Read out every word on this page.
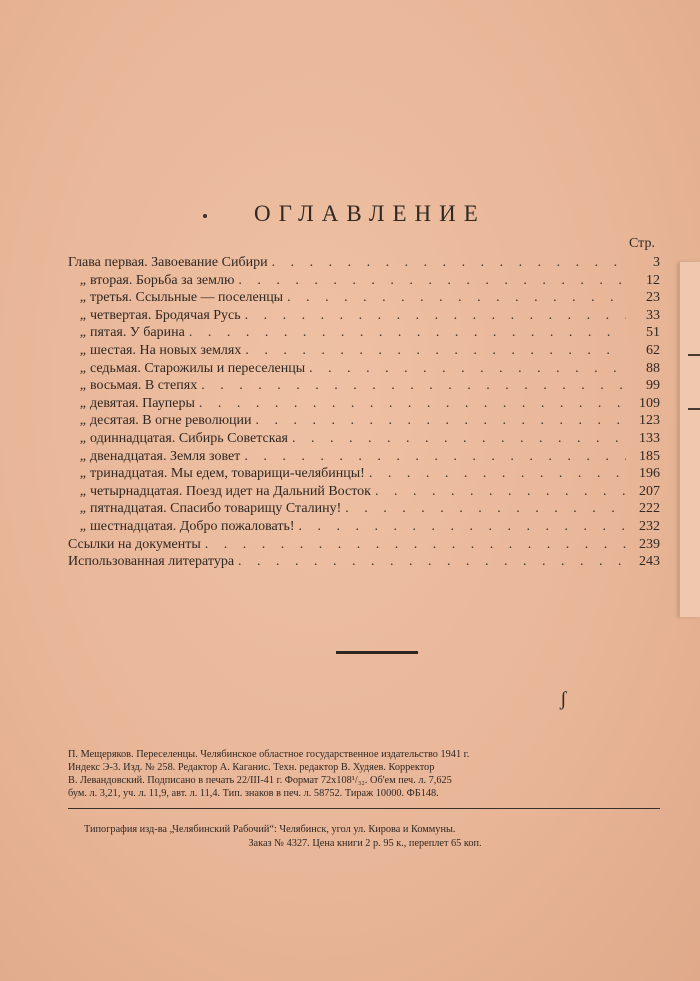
ОГЛАВЛЕНИЕ
Стр.
Глава первая. Завоевание Сибири . . .	3
„ вторая. Борьба за землю . . .	12
„ третья. Ссыльные — поселенцы . . .	23
„ четвертая. Бродячая Русь . . .	33
„ пятая. У барина . . .	51
„ шестая. На новых землях . . .	62
„ седьмая. Старожилы и переселенцы . . .	88
„ восьмая. В степях . . .	99
„ девятая. Пауперы . . .	109
„ десятая. В огне революции . . .	123
„ одиннадцатая. Сибирь Советская . . .	133
„ двенадцатая. Земля зовет . . .	185
„ тринадцатая. Мы едем, товарищи-челябинцы! . . .	196
„ четырнадцатая. Поезд идет на Дальний Восток . . .	207
„ пятнадцатая. Спасибо товарищу Сталину! . . .	222
„ шестнадцатая. Добро пожаловать! . . .	232
Ссылки на документы . . .	239
Использованная литература . . .	243
ʃ

П. Мещеряков. Переселенцы. Челябинское областное государственное издательство 1941 г.

Индекс Э-3. Изд. № 258. Редактор А. Каганис. Техн. редактор В. Худяев. Корректор

В. Левандовский. Подписано в печать 22/III-41 г. Формат 72x108¹/₃₂. Об'ем печ. л. 7,625

бум. л. 3,21, уч. л. 11,9, авт. л. 11,4. Тип. знаков в печ. л. 58752. Тираж 10000. ФБ148.

Типография изд-ва „Челябинский Рабочий“: Челябинск, угол ул. Кирова и Коммуны.

Заказ № 4327. Цена книги 2 р. 95 к., переплет 65 коп.
